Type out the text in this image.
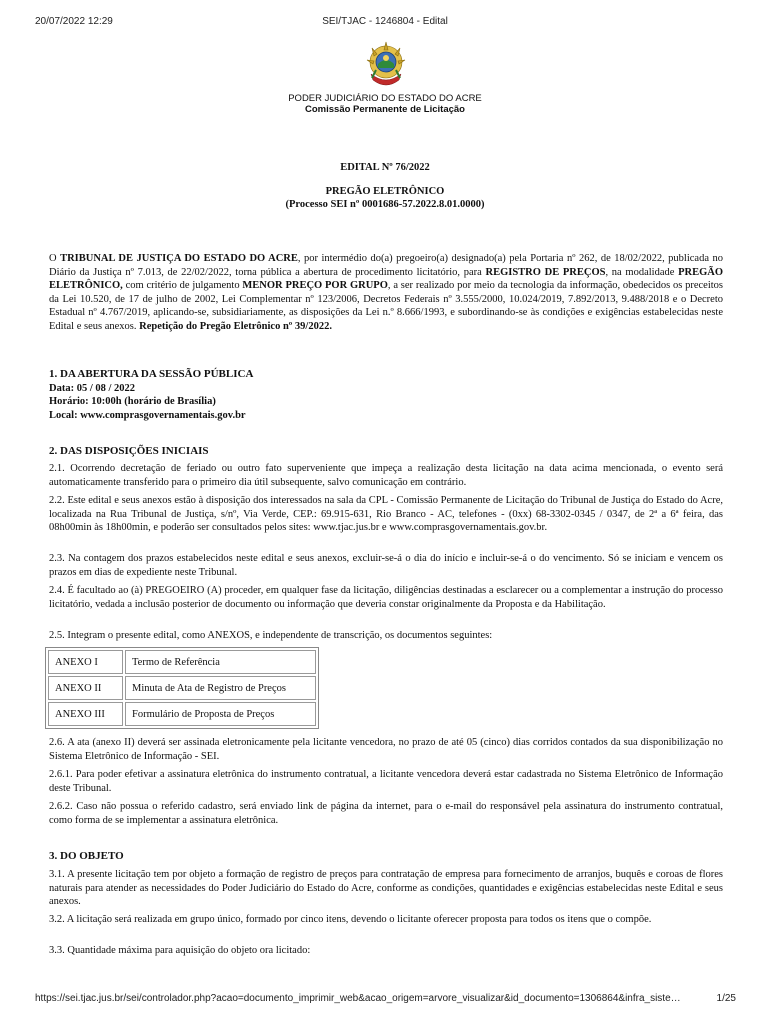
20/07/2022 12:29	SEI/TJAC - 1246804 - Edital
PODER JUDICIÁRIO DO ESTADO DO ACRE
Comissão Permanente de Licitação
EDITAL Nº 76/2022
PREGÃO ELETRÔNICO
(Processo SEI nº 0001686-57.2022.8.01.0000)
O TRIBUNAL DE JUSTIÇA DO ESTADO DO ACRE, por intermédio do(a) pregoeiro(a) designado(a) pela Portaria nº 262, de 18/02/2022, publicada no Diário da Justiça nº 7.013, de 22/02/2022, torna pública a abertura de procedimento licitatório, para REGISTRO DE PREÇOS, na modalidade PREGÃO ELETRÔNICO, com critério de julgamento MENOR PREÇO POR GRUPO, a ser realizado por meio da tecnologia da informação, obedecidos os preceitos da Lei 10.520, de 17 de julho de 2002, Lei Complementar nº 123/2006, Decretos Federais nº 3.555/2000, 10.024/2019, 7.892/2013, 9.488/2018 e o Decreto Estadual nº 4.767/2019, aplicando-se, subsidiariamente, as disposições da Lei n.º 8.666/1993, e subordinando-se às condições e exigências estabelecidas neste Edital e seus anexos. Repetição do Pregão Eletrônico nº 39/2022.
1. DA ABERTURA DA SESSÃO PÚBLICA
Data: 05 / 08 / 2022
Horário: 10:00h (horário de Brasília)
Local: www.comprasgovernamentais.gov.br
2. DAS DISPOSIÇÕES INICIAIS
2.1. Ocorrendo decretação de feriado ou outro fato superveniente que impeça a realização desta licitação na data acima mencionada, o evento será automaticamente transferido para o primeiro dia útil subsequente, salvo comunicação em contrário.
2.2. Este edital e seus anexos estão à disposição dos interessados na sala da CPL - Comissão Permanente de Licitação do Tribunal de Justiça do Estado do Acre, localizada na Rua Tribunal de Justiça, s/nº, Via Verde, CEP.: 69.915-631, Rio Branco - AC, telefones - (0xx) 68-3302-0345 / 0347, de 2ª a 6ª feira, das 08h00min às 18h00min, e poderão ser consultados pelos sites: www.tjac.jus.br e www.comprasgovernamentais.gov.br.
2.3. Na contagem dos prazos estabelecidos neste edital e seus anexos, excluir-se-á o dia do início e incluir-se-á o do vencimento. Só se iniciam e vencem os prazos em dias de expediente neste Tribunal.
2.4. É facultado ao (à) PREGOEIRO (A) proceder, em qualquer fase da licitação, diligências destinadas a esclarecer ou a complementar a instrução do processo licitatório, vedada a inclusão posterior de documento ou informação que deveria constar originalmente da Proposta e da Habilitação.
2.5. Integram o presente edital, como ANEXOS, e independente de transcrição, os documentos seguintes:
ANEXO I	Termo de Referência
ANEXO II	Minuta de Ata de Registro de Preços
ANEXO III	Formulário de Proposta de Preços
2.6. A ata (anexo II) deverá ser assinada eletronicamente pela licitante vencedora, no prazo de até 05 (cinco) dias corridos contados da sua disponibilização no Sistema Eletrônico de Informação - SEI.
2.6.1. Para poder efetivar a assinatura eletrônica do instrumento contratual, a licitante vencedora deverá estar cadastrada no Sistema Eletrônico de Informação deste Tribunal.
2.6.2. Caso não possua o referido cadastro, será enviado link de página da internet, para o e-mail do responsável pela assinatura do instrumento contratual, como forma de se implementar a assinatura eletrônica.
3. DO OBJETO
3.1. A presente licitação tem por objeto a formação de registro de preços para contratação de empresa para fornecimento de arranjos, buquês e coroas de flores naturais para atender as necessidades do Poder Judiciário do Estado do Acre, conforme as condições, quantidades e exigências estabelecidas neste Edital e seus anexos.
3.2. A licitação será realizada em grupo único, formado por cinco itens, devendo o licitante oferecer proposta para todos os itens que o compõe.
3.3. Quantidade máxima para aquisição do objeto ora licitado:
https://sei.tjac.jus.br/sei/controlador.php?acao=documento_imprimir_web&acao_origem=arvore_visualizar&id_documento=1306864&infra_siste…	1/25
